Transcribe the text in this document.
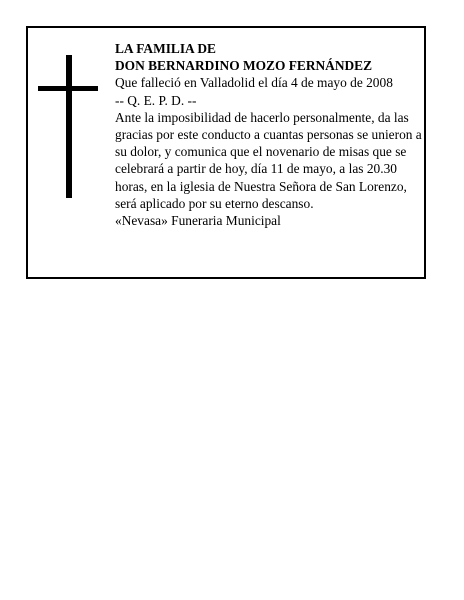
LA FAMILIA DE
DON BERNARDINO MOZO FERNÁNDEZ
Que falleció en Valladolid el día 4 de mayo de 2008
-- Q. E. P. D. --
Ante la imposibilidad de hacerlo personalmente, da las gracias por este conducto a cuantas personas se unieron a su dolor, y comunica que el novenario de misas que se celebrará a partir de hoy, día 11 de mayo, a las 20.30 horas, en la iglesia de Nuestra Señora de San Lorenzo, será aplicado por su eterno descanso.
«Nevasa» Funeraria Municipal
